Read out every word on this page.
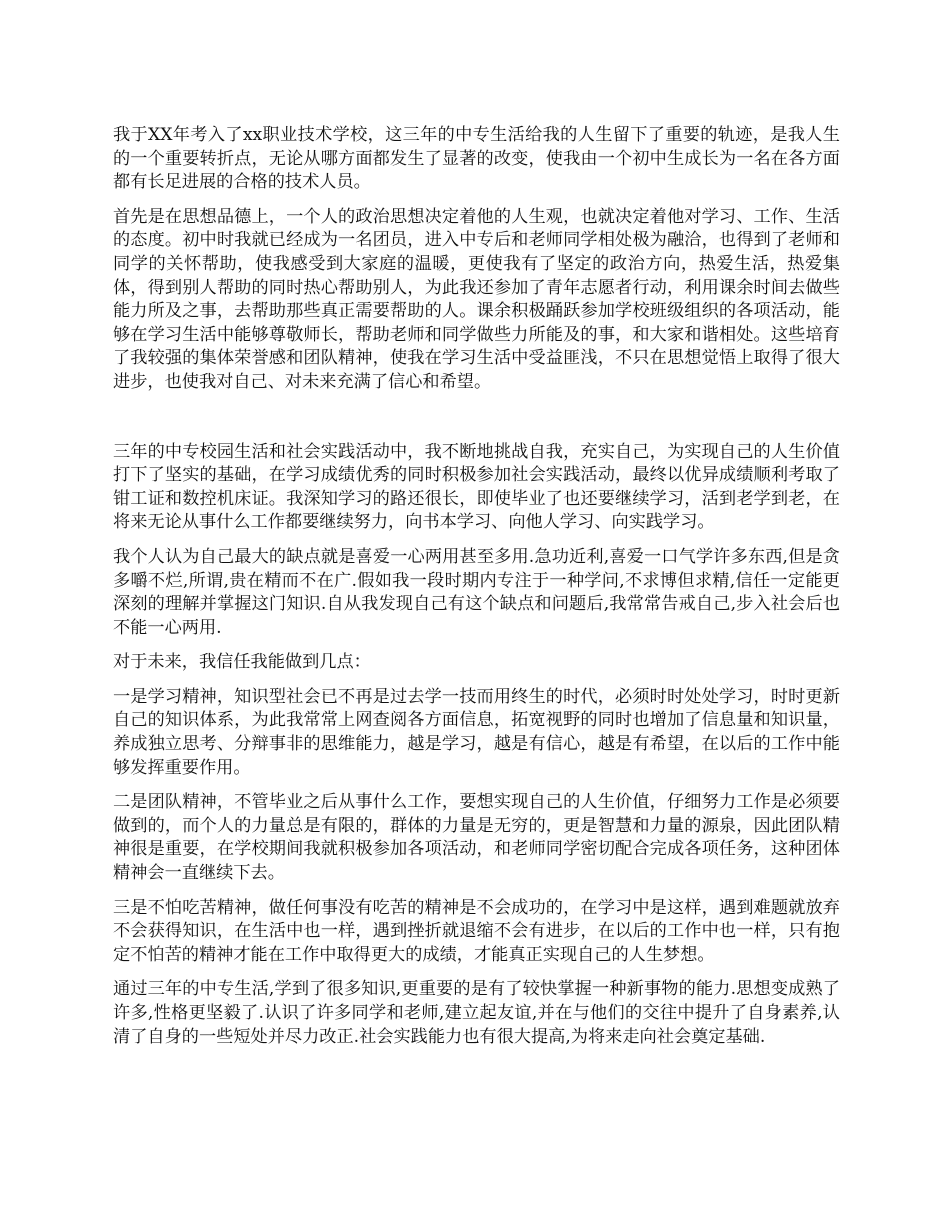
我于XX年考入了xx职业技术学校，这三年的中专生活给我的人生留下了重要的轨迹，是我人生的一个重要转折点，无论从哪方面都发生了显著的改变，使我由一个初中生成长为一名在各方面都有长足进展的合格的技术人员。

首先是在思想品德上，一个人的政治思想决定着他的人生观，也就决定着他对学习、工作、生活的态度。初中时我就已经成为一名团员，进入中专后和老师同学相处极为融洽，也得到了老师和同学的关怀帮助，使我感受到大家庭的温暖，更使我有了坚定的政治方向，热爱生活，热爱集体，得到别人帮助的同时热心帮助别人，为此我还参加了青年志愿者行动，利用课余时间去做些能力所及之事，去帮助那些真正需要帮助的人。课余积极踊跃参加学校班级组织的各项活动，能够在学习生活中能够尊敬师长，帮助老师和同学做些力所能及的事，和大家和谐相处。这些培育了我较强的集体荣誉感和团队精神，使我在学习生活中受益匪浅，不只在思想觉悟上取得了很大进步，也使我对自己、对未来充满了信心和希望。

三年的中专校园生活和社会实践活动中，我不断地挑战自我，充实自己，为实现自己的人生价值打下了坚实的基础，在学习成绩优秀的同时积极参加社会实践活动，最终以优异成绩顺利考取了钳工证和数控机床证。我深知学习的路还很长，即使毕业了也还要继续学习，活到老学到老，在将来无论从事什么工作都要继续努力，向书本学习、向他人学习、向实践学习。

我个人认为自己最大的缺点就是喜爱一心两用甚至多用.急功近利,喜爱一口气学许多东西,但是贪多嚼不烂,所谓,贵在精而不在广.假如我一段时期内专注于一种学问,不求博但求精,信任一定能更深刻的理解并掌握这门知识.自从我发现自己有这个缺点和问题后,我常常告戒自己,步入社会后也不能一心两用.

对于未来，我信任我能做到几点：

一是学习精神，知识型社会已不再是过去学一技而用终生的时代，必须时时处处学习，时时更新自己的知识体系，为此我常常上网查阅各方面信息，拓宽视野的同时也增加了信息量和知识量，养成独立思考、分辩事非的思维能力，越是学习，越是有信心，越是有希望，在以后的工作中能够发挥重要作用。

二是团队精神，不管毕业之后从事什么工作，要想实现自己的人生价值，仔细努力工作是必须要做到的，而个人的力量总是有限的，群体的力量是无穷的，更是智慧和力量的源泉，因此团队精神很是重要，在学校期间我就积极参加各项活动，和老师同学密切配合完成各项任务，这种团体精神会一直继续下去。

三是不怕吃苦精神，做任何事没有吃苦的精神是不会成功的，在学习中是这样，遇到难题就放弃不会获得知识，在生活中也一样，遇到挫折就退缩不会有进步，在以后的工作中也一样，只有抱定不怕苦的精神才能在工作中取得更大的成绩，才能真正实现自己的人生梦想。

通过三年的中专生活,学到了很多知识,更重要的是有了较快掌握一种新事物的能力.思想变成熟了许多,性格更坚毅了.认识了许多同学和老师,建立起友谊,并在与他们的交往中提升了自身素养,认清了自身的一些短处并尽力改正.社会实践能力也有很大提高,为将来走向社会奠定基础.
